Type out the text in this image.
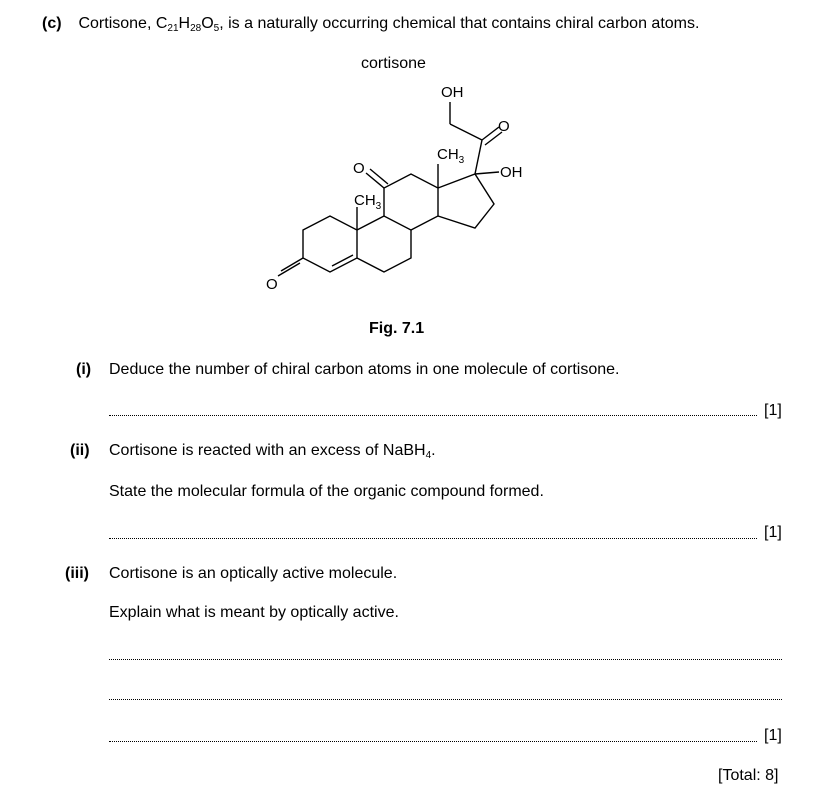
(c) Cortisone, $C_{21}H_{28}O_5$, is a naturally occurring chemical that contains chiral carbon atoms.
cortisone
OH
O
$CH_3$
OH
O
$CH_3$
O
Fig. 7.1
(i) Deduce the number of chiral carbon atoms in one molecule of cortisone.
[1]
(ii) Cortisone is reacted with an excess of NaBH$_4$.
State the molecular formula of the organic compound formed.
[1]
(iii) Cortisone is an optically active molecule.
Explain what is meant by optically active.
[1]
[Total: 8]
